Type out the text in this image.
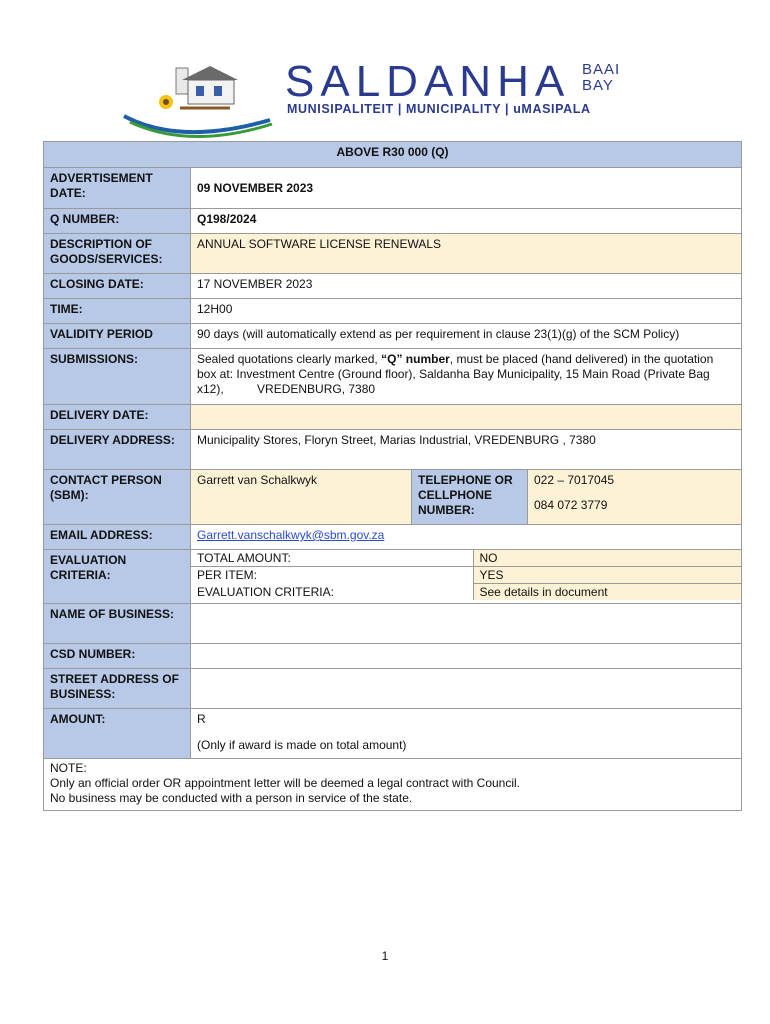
SALDANHA BAAI
BAY
MUNISIPALITEIT | MUNICIPALITY | uMASIPALA
ABOVE R30 000 (Q)
ADVERTISEMENT DATE:	09 NOVEMBER 2023
Q NUMBER:	Q198/2024
DESCRIPTION OF GOODS/SERVICES:	ANNUAL SOFTWARE LICENSE RENEWALS
CLOSING DATE:	17 NOVEMBER 2023
TIME:	12H00
VALIDITY PERIOD	90 days (will automatically extend as per requirement in clause 23(1)(g) of the SCM Policy)
SUBMISSIONS:	Sealed quotations clearly marked, “Q” number, must be placed (hand delivered) in the quotation box at: Investment Centre (Ground floor), Saldanha Bay Municipality, 15 Main Road (Private Bag x12),          VREDENBURG, 7380
DELIVERY DATE:	
DELIVERY ADDRESS:	Municipality Stores, Floryn Street, Marias Industrial, VREDENBURG , 7380
CONTACT PERSON (SBM):	Garrett van Schalkwyk	TELEPHONE OR CELLPHONE NUMBER:	
022 – 7017045
084 072 3779

EMAIL ADDRESS:	Garrett.vanschalkwyk@sbm.gov.za
EVALUATION CRITERIA:	
TOTAL AMOUNT:	NO
PER ITEM:	YES
EVALUATION CRITERIA:	See details in document

NAME OF BUSINESS:	
CSD NUMBER:	
STREET ADDRESS OF BUSINESS:	
AMOUNT:	R
(Only if award is made on total amount)

NOTE:
Only an official order OR appointment letter will be deemed a legal contract with Council.
No business may be conducted with a person in service of the state.
1
